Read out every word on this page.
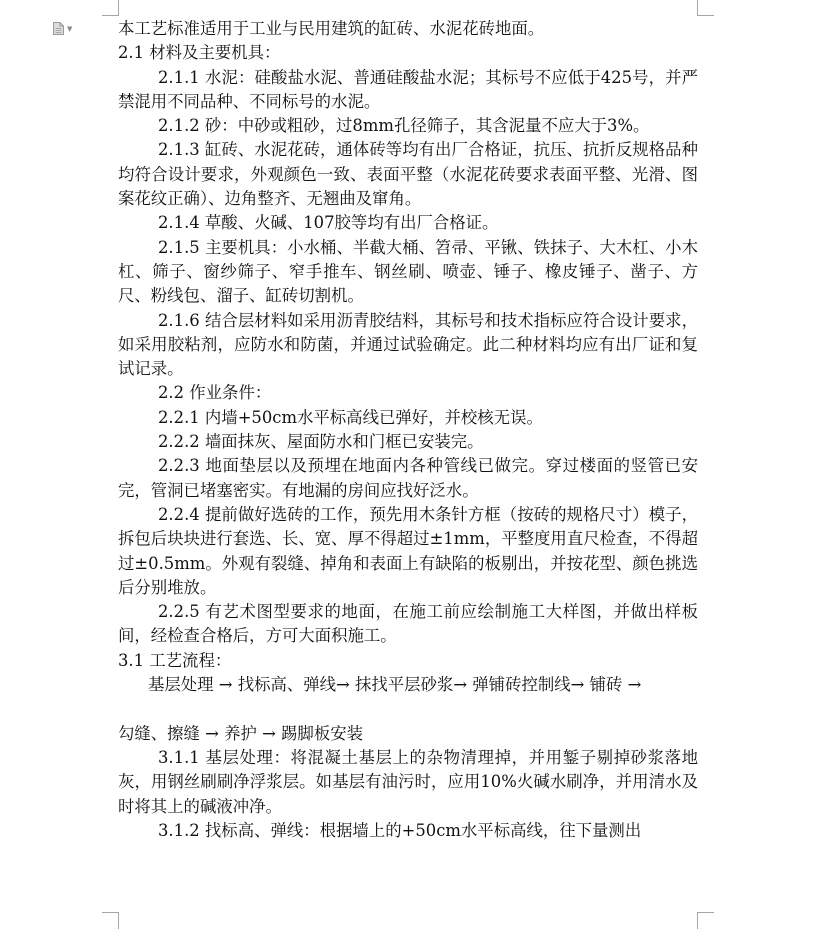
▼	本工艺标准适用于工业与民用建筑的缸砖、水泥花砖地面。

2.1 材料及主要机具：

2.1.1 水泥：硅酸盐水泥、普通硅酸盐水泥；其标号不应低于425号，并严禁混用不同品种、不同标号的水泥。

2.1.2 砂：中砂或粗砂，过8mm孔径筛子，其含泥量不应大于3%。

2.1.3 缸砖、水泥花砖，通体砖等均有出厂合格证，抗压、抗折反规格品种均符合设计要求，外观颜色一致、表面平整（水泥花砖要求表面平整、光滑、图案花纹正确）、边角整齐、无翘曲及窜角。

2.1.4 草酸、火碱、107胶等均有出厂合格证。

2.1.5 主要机具：小水桶、半截大桶、笤帚、平锹、铁抹子、大木杠、小木杠、筛子、窗纱筛子、窄手推车、钢丝刷、喷壶、锤子、橡皮锤子、凿子、方尺、粉线包、溜子、缸砖切割机。

2.1.6 结合层材料如采用沥青胶结料，其标号和技术指标应符合设计要求，如采用胶粘剂，应防水和防菌，并通过试验确定。此二种材料均应有出厂证和复试记录。

2.2 作业条件：

2.2.1 内墙+50cm水平标高线已弹好，并校核无误。

2.2.2 墙面抹灰、屋面防水和门框已安装完。

2.2.3 地面垫层以及预埋在地面内各种管线已做完。穿过楼面的竖管已安完，管洞已堵塞密实。有地漏的房间应找好泛水。

2.2.4 提前做好选砖的工作，预先用木条针方框（按砖的规格尺寸）模子，拆包后块块进行套选、长、宽、厚不得超过±1mm，平整度用直尺检查，不得超过±0.5mm。外观有裂缝、掉角和表面上有缺陷的板剔出，并按花型、颜色挑选后分别堆放。

2.2.5 有艺术图型要求的地面，在施工前应绘制施工大样图，并做出样板间，经检查合格后，方可大面积施工。

3.1 工艺流程：

基层处理 → 找标高、弹线→ 抹找平层砂浆→ 弹铺砖控制线→ 铺砖 →

勾缝、擦缝 → 养护 → 踢脚板安装

3.1.1 基层处理：将混凝土基层上的杂物清理掉，并用錾子剔掉砂浆落地灰，用钢丝刷刷净浮浆层。如基层有油污时，应用10%火碱水刷净，并用清水及时将其上的碱液冲净。

3.1.2 找标高、弹线：根据墙上的+50cm水平标高线，往下量测出
